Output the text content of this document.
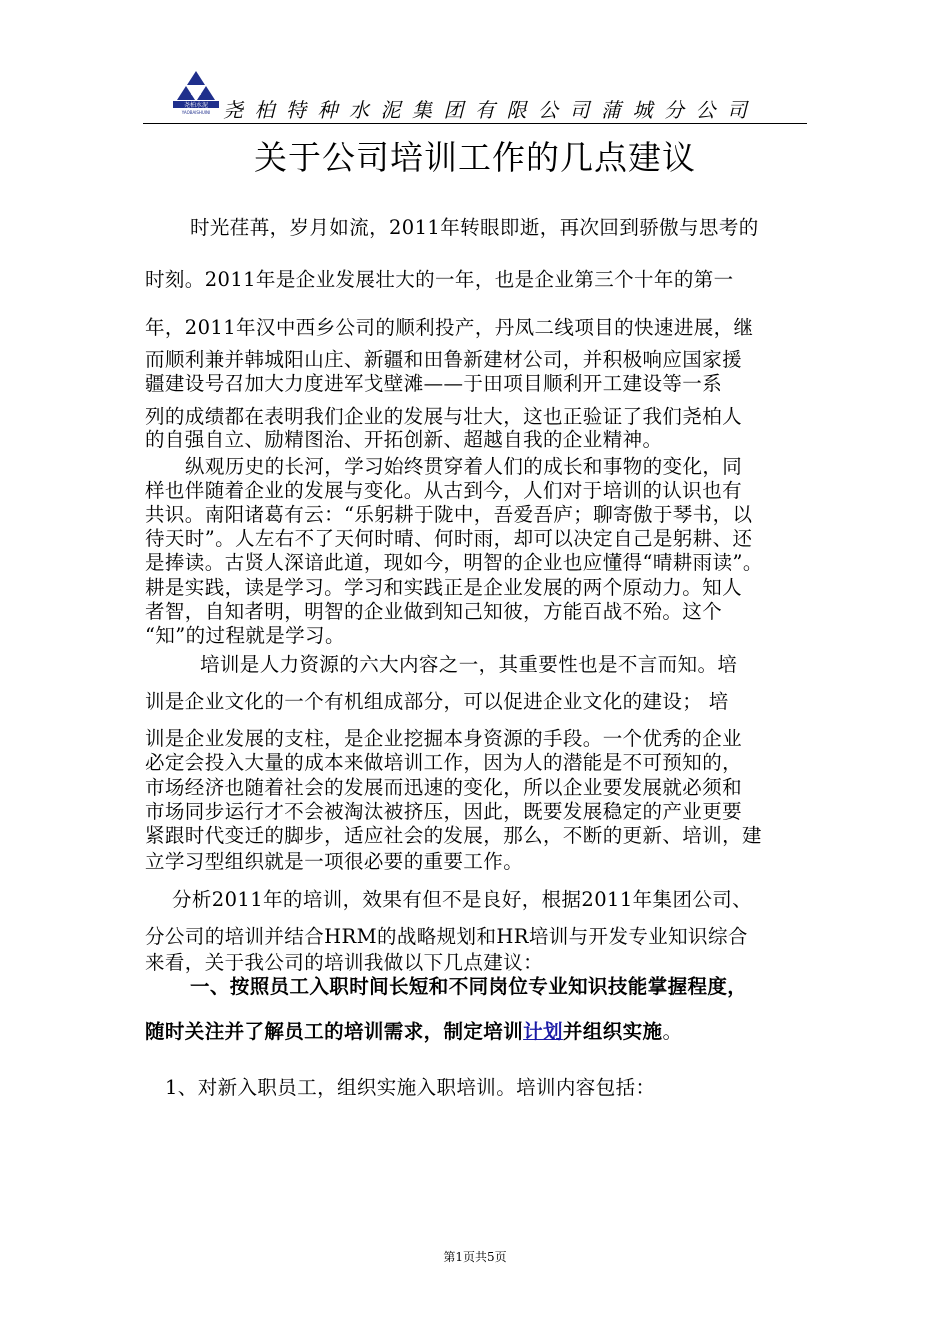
尧柏水泥
YAOBAISHUINI 尧柏特种水泥集团有限公司蒲城分公司
关于公司培训工作的几点建议
时光荏苒，岁月如流，2011年转眼即逝，再次回到骄傲与思考的
时刻。2011年是企业发展壮大的一年，也是企业第三个十年的第一
年，2011年汉中西乡公司的顺利投产，丹凤二线项目的快速进展，继
而顺利兼并韩城阳山庄、新疆和田鲁新建材公司，并积极响应国家援
疆建设号召加大力度进军戈壁滩——于田项目顺利开工建设等一系
列的成绩都在表明我们企业的发展与壮大，这也正验证了我们尧柏人
的自强自立、励精图治、开拓创新、超越自我的企业精神。
纵观历史的长河，学习始终贯穿着人们的成长和事物的变化，同
样也伴随着企业的发展与变化。从古到今，人们对于培训的认识也有
共识。南阳诸葛有云：“乐躬耕于陇中，吾爱吾庐；聊寄傲于琴书，以
待天时”。人左右不了天何时晴、何时雨，却可以决定自己是躬耕、还
是捧读。古贤人深谙此道，现如今，明智的企业也应懂得“晴耕雨读”。
耕是实践，读是学习。学习和实践正是企业发展的两个原动力。知人
者智，自知者明，明智的企业做到知己知彼，方能百战不殆。这个
“知”的过程就是学习。
培训是人力资源的六大内容之一，其重要性也是不言而知。培
训是企业文化的一个有机组成部分，可以促进企业文化的建设； 培
训是企业发展的支柱，是企业挖掘本身资源的手段。一个优秀的企业
必定会投入大量的成本来做培训工作，因为人的潜能是不可预知的，
市场经济也随着社会的发展而迅速的变化，所以企业要发展就必须和
市场同步运行才不会被淘汰被挤压，因此，既要发展稳定的产业更要
紧跟时代变迁的脚步，适应社会的发展，那么，不断的更新、培训，建
立学习型组织就是一项很必要的重要工作。
分析2011年的培训，效果有但不是良好，根据2011年集团公司、
分公司的培训并结合HRM的战略规划和HR培训与开发专业知识综合
来看，关于我公司的培训我做以下几点建议：
一、按照员工入职时间长短和不同岗位专业知识技能掌握程度，
随时关注并了解员工的培训需求，制定培训计划并组织实施。
1、对新入职员工，组织实施入职培训。培训内容包括：
第1页共5页
